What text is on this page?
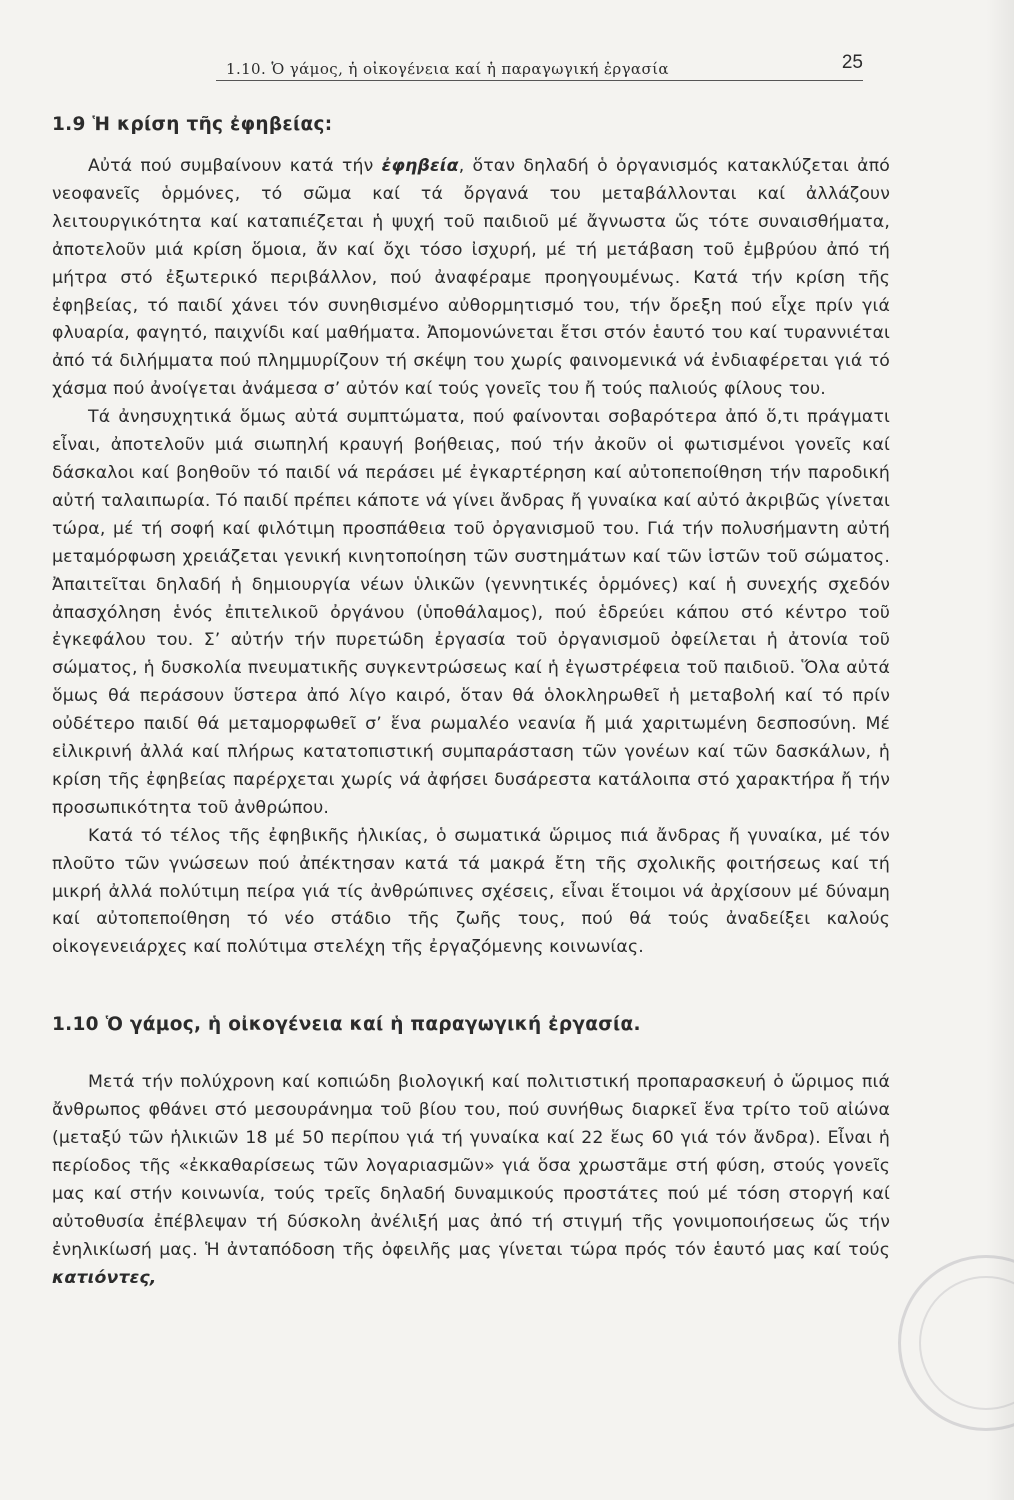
1.10. Ὁ γάμος, ἡ οἰκογένεια καί ἡ παραγωγική ἐργασία	25
1.9 Ἡ κρίση τῆς ἐφηβείας:

Αὐτά πού συμβαίνουν κατά τήν ἐφηβεία, ὅταν δηλαδή ὁ ὀργανισμός κατακλύζεται ἀπό νεοφανεῖς ὁρμόνες, τό σῶμα καί τά ὄργανά του μεταβάλλονται καί ἀλλάζουν λειτουργικότητα καί καταπιέζεται ἡ ψυχή τοῦ παιδιοῦ μέ ἄγνωστα ὥς τότε συναισθήματα, ἀποτελοῦν μιά κρίση ὅμοια, ἄν καί ὄχι τόσο ἰσχυρή, μέ τή μετάβαση τοῦ ἐμβρύου ἀπό τή μήτρα στό ἐξωτερικό περιβάλλον, πού ἀναφέραμε προηγουμένως. Κατά τήν κρίση τῆς ἐφηβείας, τό παιδί χάνει τόν συνηθισμένο αὐθορμητισμό του, τήν ὄρεξη πού εἶχε πρίν γιά φλυαρία, φαγητό, παιχνίδι καί μαθήματα. Ἀπομονώνεται ἔτσι στόν ἑαυτό του καί τυραννιέται ἀπό τά διλήμματα πού πλημμυρίζουν τή σκέψη του χωρίς φαινομενικά νά ἐνδιαφέρεται γιά τό χάσμα πού ἀνοίγεται ἀνάμεσα σ’ αὐτόν καί τούς γονεῖς του ἤ τούς παλιούς φίλους του.

Τά ἀνησυχητικά ὅμως αὐτά συμπτώματα, πού φαίνονται σοβαρότερα ἀπό ὅ,τι πράγματι εἶναι, ἀποτελοῦν μιά σιωπηλή κραυγή βοήθειας, πού τήν ἀκοῦν οἱ φωτισμένοι γονεῖς καί δάσκαλοι καί βοηθοῦν τό παιδί νά περάσει μέ ἐγκαρτέρηση καί αὐτοπεποίθηση τήν παροδική αὐτή ταλαιπωρία. Τό παιδί πρέπει κάποτε νά γίνει ἄνδρας ἤ γυναίκα καί αὐτό ἀκριβῶς γίνεται τώρα, μέ τή σοφή καί φιλότιμη προσπάθεια τοῦ ὀργανισμοῦ του. Γιά τήν πολυσήμαντη αὐτή μεταμόρφωση χρειάζεται γενική κινητοποίηση τῶν συστημάτων καί τῶν ἱστῶν τοῦ σώματος. Ἀπαιτεῖται δηλαδή ἡ δημιουργία νέων ὑλικῶν (γεννητικές ὁρμόνες) καί ἡ συνεχής σχεδόν ἀπασχόληση ἑνός ἐπιτελικοῦ ὀργάνου (ὑποθάλαμος), πού ἑδρεύει κάπου στό κέντρο τοῦ ἐγκεφάλου του. Σ’ αὐτήν τήν πυρετώδη ἐργασία τοῦ ὀργανισμοῦ ὀφείλεται ἡ ἀτονία τοῦ σώματος, ἡ δυσκολία πνευματικῆς συγκεντρώσεως καί ἡ ἐγωστρέφεια τοῦ παιδιοῦ. Ὅλα αὐτά ὅμως θά περάσουν ὕστερα ἀπό λίγο καιρό, ὅταν θά ὁλοκληρωθεῖ ἡ μεταβολή καί τό πρίν οὐδέτερο παιδί θά μεταμορφωθεῖ σ’ ἕνα ρωμαλέο νεανία ἤ μιά χαριτωμένη δεσποσύνη. Μέ εἰλικρινή ἀλλά καί πλήρως κατατοπιστική συμπαράσταση τῶν γονέων καί τῶν δασκάλων, ἡ κρίση τῆς ἐφηβείας παρέρχεται χωρίς νά ἀφήσει δυσάρεστα κατάλοιπα στό χαρακτήρα ἤ τήν προσωπικότητα τοῦ ἀνθρώπου.

Κατά τό τέλος τῆς ἐφηβικῆς ἡλικίας, ὁ σωματικά ὥριμος πιά ἄνδρας ἤ γυναίκα, μέ τόν πλοῦτο τῶν γνώσεων πού ἀπέκτησαν κατά τά μακρά ἔτη τῆς σχολικῆς φοιτήσεως καί τή μικρή ἀλλά πολύτιμη πείρα γιά τίς ἀνθρώπινες σχέσεις, εἶναι ἕτοιμοι νά ἀρχίσουν μέ δύναμη καί αὐτοπεποίθηση τό νέο στάδιο τῆς ζωῆς τους, πού θά τούς ἀναδείξει καλούς οἰκογενειάρχες καί πολύτιμα στελέχη τῆς ἐργαζόμενης κοινωνίας.

1.10 Ὁ γάμος, ἡ οἰκογένεια καί ἡ παραγωγική ἐργασία.

Μετά τήν πολύχρονη καί κοπιώδη βιολογική καί πολιτιστική προπαρασκευή ὁ ὥριμος πιά ἄνθρωπος φθάνει στό μεσουράνημα τοῦ βίου του, πού συνήθως διαρκεῖ ἕνα τρίτο τοῦ αἰώνα (μεταξύ τῶν ἡλικιῶν 18 μέ 50 περίπου γιά τή γυναίκα καί 22 ἕως 60 γιά τόν ἄνδρα). Εἶναι ἡ περίοδος τῆς «ἐκκαθαρίσεως τῶν λογαριασμῶν» γιά ὅσα χρωστᾶμε στή φύση, στούς γονεῖς μας καί στήν κοινωνία, τούς τρεῖς δηλαδή δυναμικούς προστάτες πού μέ τόση στοργή καί αὐτοθυσία ἐπέβλεψαν τή δύσκολη ἀνέλιξή μας ἀπό τή στιγμή τῆς γονιμοποιήσεως ὥς τήν ἐνηλικίωσή μας. Ἡ ἀνταπόδοση τῆς ὀφειλῆς μας γίνεται τώρα πρός τόν ἑαυτό μας καί τούς κατιόντες,
